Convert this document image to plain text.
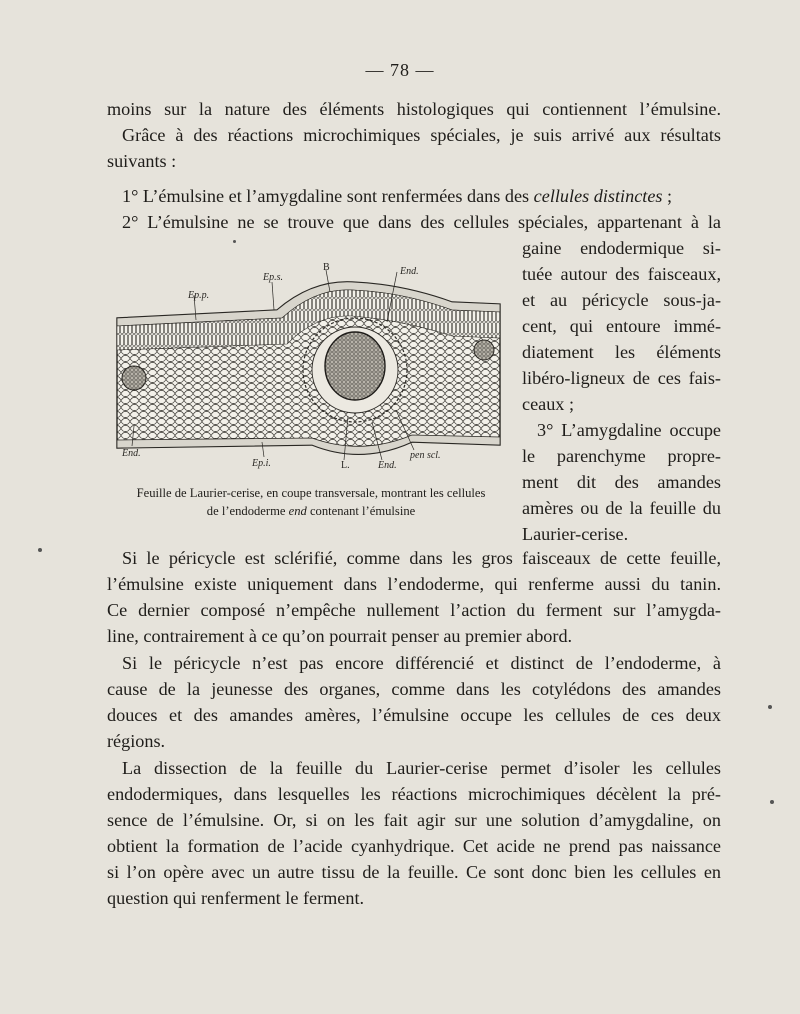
— 78 —
moins sur la nature des éléments histologiques qui contiennent l’émulsine.
Grâce à des réactions microchimiques spéciales, je suis arrivé aux résultats
suivants :
1° L’émulsine et l’amygdaline sont renfermées dans des cellules distinctes ;
2° L’émulsine ne se trouve que dans des cellules spéciales, appartenant à la
gaine endodermique si-
tuée autour des faisceaux,
et au péricycle sous-ja-
cent, qui entoure immé-
diatement les éléments
libéro-ligneux de ces fais-
ceaux ;
3° L’amygdaline occupe
le parenchyme propre-
ment dit des amandes
amères ou de la feuille du
Laurier-cerise.
Ep.p.
Ep.s.
B	End.
End.
Ep.i.	L.	End.
pen scl.
Feuille de Laurier-cerise, en coupe transversale, montrant les cellules
de l’endoderme end contenant l’émulsine
Si le péricycle est sclérifié, comme dans les gros faisceaux de cette feuille,
l’émulsine existe uniquement dans l’endoderme, qui renferme aussi du tanin.
Ce dernier composé n’empêche nullement l’action du ferment sur l’amygda-
line, contrairement à ce qu’on pourrait penser au premier abord.
Si le péricycle n’est pas encore différencié et distinct de l’endoderme, à
cause de la jeunesse des organes, comme dans les cotylédons des amandes
douces et des amandes amères, l’émulsine occupe les cellules de ces deux
régions.
La dissection de la feuille du Laurier-cerise permet d’isoler les cellules
endodermiques, dans lesquelles les réactions microchimiques décèlent la pré-
sence de l’émulsine. Or, si on les fait agir sur une solution d’amygdaline, on
obtient la formation de l’acide cyanhydrique. Cet acide ne prend pas naissance
si l’on opère avec un autre tissu de la feuille. Ce sont donc bien les cellules en
question qui renferment le ferment.
